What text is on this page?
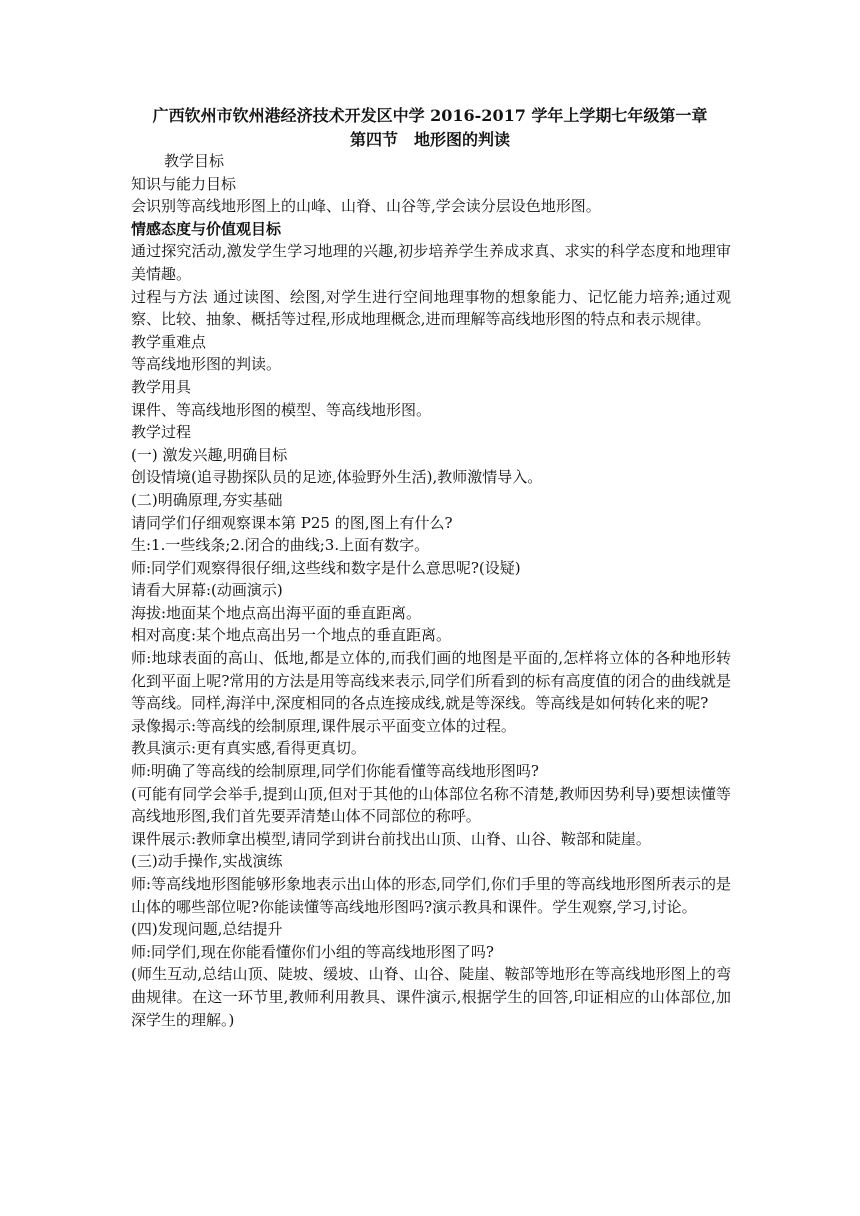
广西钦州市钦州港经济技术开发区中学 2016-2017 学年上学期七年级第一章
第四节　地形图的判读

教学目标

知识与能力目标

会识别等高线地形图上的山峰、山脊、山谷等,学会读分层设色地形图。

情感态度与价值观目标

通过探究活动,激发学生学习地理的兴趣,初步培养学生养成求真、求实的科学态度和地理审美情趣。

过程与方法 通过读图、绘图,对学生进行空间地理事物的想象能力、记忆能力培养;通过观察、比较、抽象、概括等过程,形成地理概念,进而理解等高线地形图的特点和表示规律。

教学重难点

等高线地形图的判读。

教学用具

课件、等高线地形图的模型、等高线地形图。

教学过程

(一) 激发兴趣,明确目标

创设情境(追寻勘探队员的足迹,体验野外生活),教师激情导入。

(二)明确原理,夯实基础

请同学们仔细观察课本第 P25 的图,图上有什么?

生:1.一些线条;2.闭合的曲线;3.上面有数字。

师:同学们观察得很仔细,这些线和数字是什么意思呢?(设疑)

请看大屏幕:(动画演示)

海拔:地面某个地点高出海平面的垂直距离。

相对高度:某个地点高出另一个地点的垂直距离。

师:地球表面的高山、低地,都是立体的,而我们画的地图是平面的,怎样将立体的各种地形转化到平面上呢?常用的方法是用等高线来表示,同学们所看到的标有高度值的闭合的曲线就是等高线。同样,海洋中,深度相同的各点连接成线,就是等深线。等高线是如何转化来的呢?

录像揭示:等高线的绘制原理,课件展示平面变立体的过程。

教具演示:更有真实感,看得更真切。

师:明确了等高线的绘制原理,同学们你能看懂等高线地形图吗?

(可能有同学会举手,提到山顶,但对于其他的山体部位名称不清楚,教师因势利导)要想读懂等高线地形图,我们首先要弄清楚山体不同部位的称呼。

课件展示:教师拿出模型,请同学到讲台前找出山顶、山脊、山谷、鞍部和陡崖。

(三)动手操作,实战演练

师:等高线地形图能够形象地表示出山体的形态,同学们,你们手里的等高线地形图所表示的是山体的哪些部位呢?你能读懂等高线地形图吗?演示教具和课件。学生观察,学习,讨论。

(四)发现问题,总结提升

师:同学们,现在你能看懂你们小组的等高线地形图了吗?

(师生互动,总结山顶、陡坡、缓坡、山脊、山谷、陡崖、鞍部等地形在等高线地形图上的弯曲规律。在这一环节里,教师利用教具、课件演示,根据学生的回答,印证相应的山体部位,加深学生的理解。)
